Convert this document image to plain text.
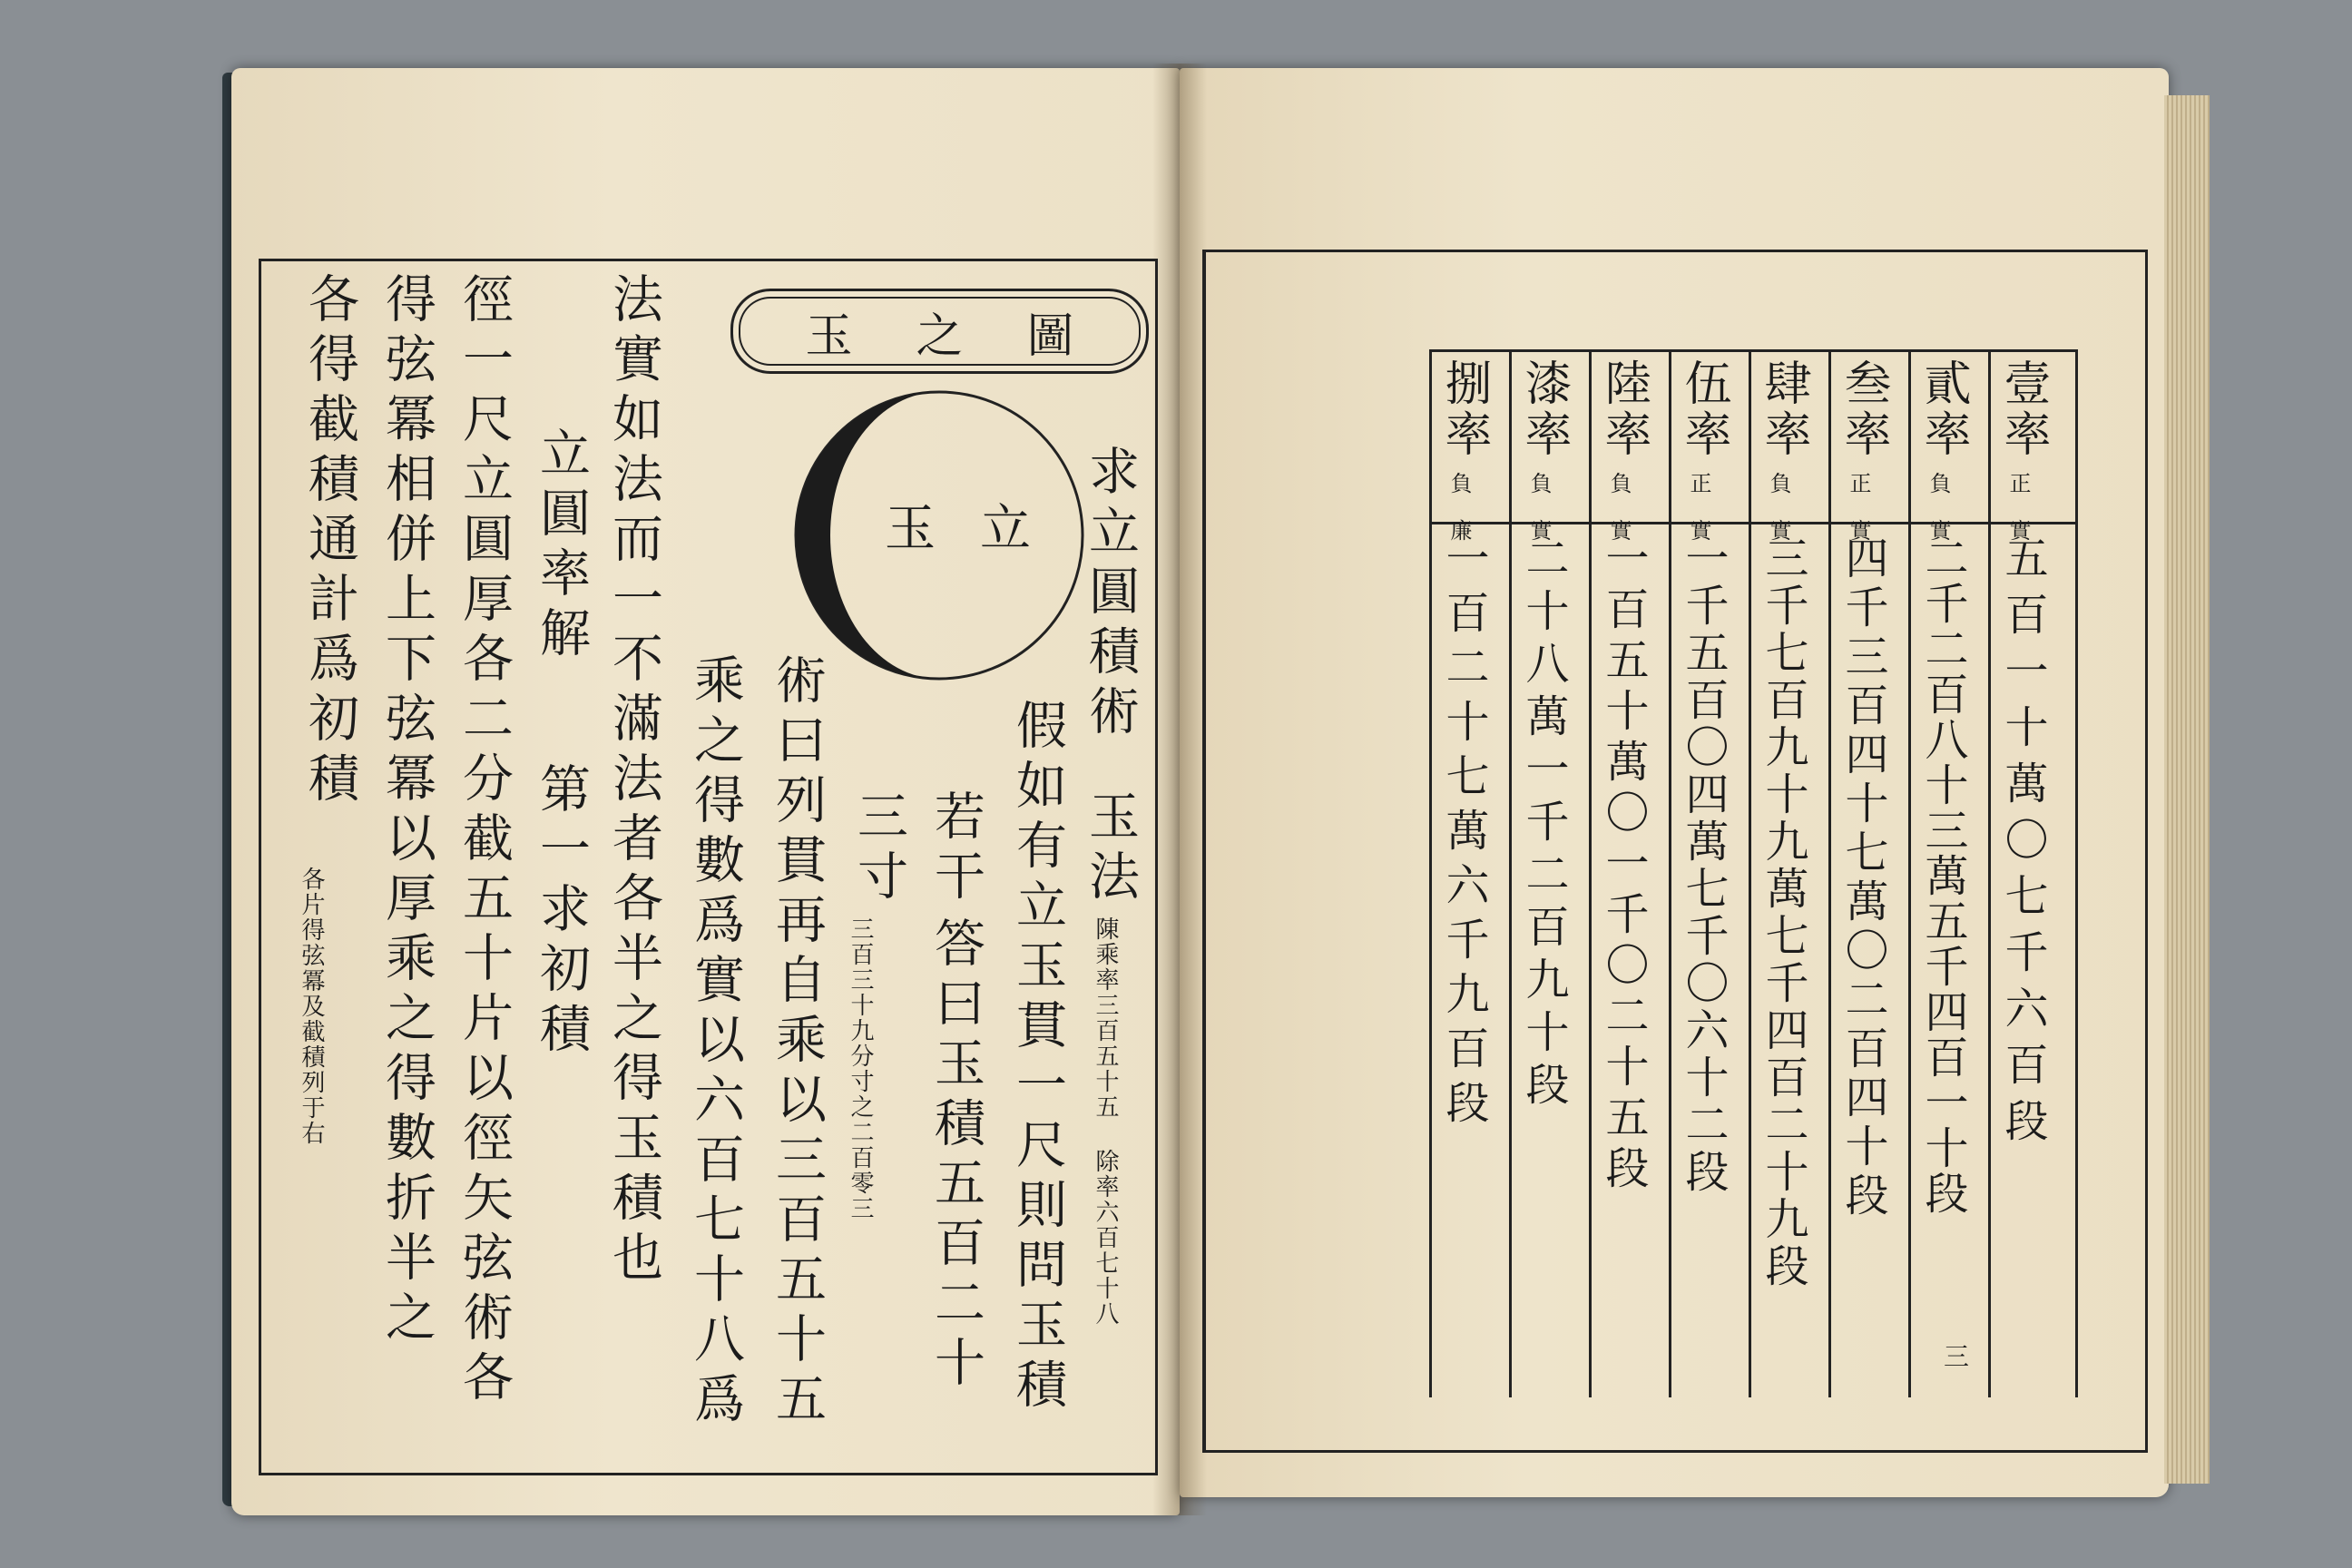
玉之圖
玉 立 求立圓積術
玉法
陳乘率三百五十五 除率六百七十八
假如有立玉貫一尺則問玉積
答曰玉積五百二十
若干
三寸
三百三十九分寸之二百零三
術曰列貫再自乘以三百五十五
乘之得數爲實以六百七十八爲
法實如法而一不滿法者各半之得玉積也
立圓率解
第一求初積
徑一尺立圓厚各二分截五十片以徑矢弦術各
得弦冪相併上下弦冪以厚乘之得數折半之
各得截積通計爲初積
各片得弦冪及截積列于右
壹率
正 實
五百一十萬〇七千六百段
貳率
負 實
二千二百八十三萬五千四百一十段
叁率
正 實
四千三百四十七萬〇二百四十段
肆率
負 實
三千七百九十九萬七千四百二十九段
伍率
正 實
一千五百〇四萬七千〇六十二段
陸率
負 實
一百五十萬〇一千〇二十五段
漆率
負 實
二十八萬一千二百九十段
捌率
負 廉
一百二十七萬六千九百段
三
